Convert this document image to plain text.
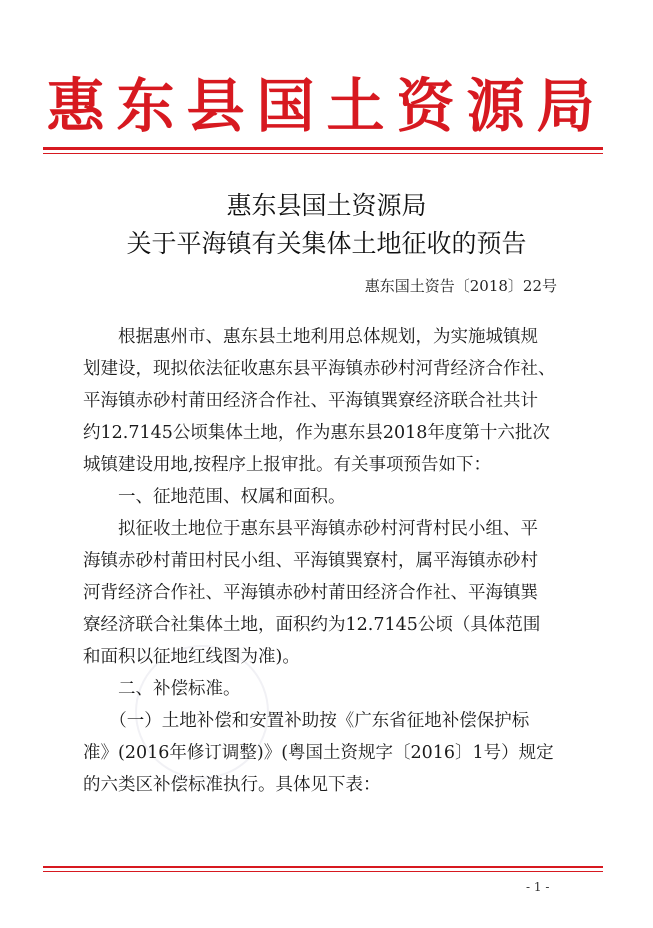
惠东县国土资源局
惠东县国土资源局
关于平海镇有关集体土地征收的预告
惠东国土资告〔2018〕22号
　　根据惠州市、惠东县土地利用总体规划，为实施城镇规
划建设，现拟依法征收惠东县平海镇赤砂村河背经济合作社、
平海镇赤砂村莆田经济合作社、平海镇巽寮经济联合社共计
约12.7145公顷集体土地，作为惠东县2018年度第十六批次
城镇建设用地,按程序上报审批。有关事项预告如下：
　　一、征地范围、权属和面积。
　　拟征收土地位于惠东县平海镇赤砂村河背村民小组、平
海镇赤砂村莆田村民小组、平海镇巽寮村，属平海镇赤砂村
河背经济合作社、平海镇赤砂村莆田经济合作社、平海镇巽
寮经济联合社集体土地，面积约为12.7145公顷（具体范围
和面积以征地红线图为准)。
　　二、补偿标准。
　　（一）土地补偿和安置补助按《广东省征地补偿保护标
准》(2016年修订调整)》(粤国土资规字〔2016〕1号）规定
的六类区补偿标准执行。具体见下表：
- 1 -
